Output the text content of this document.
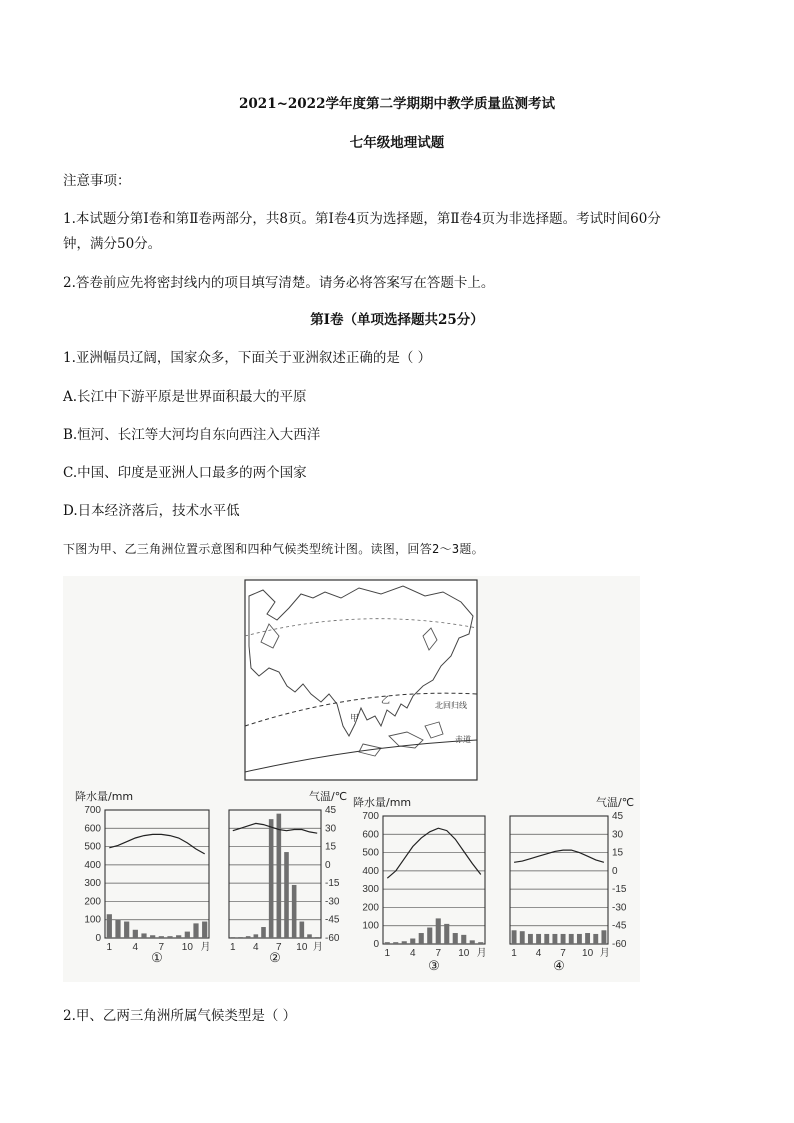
2021~2022学年度第二学期期中教学质量监测考试
七年级地理试题
注意事项：
1.本试题分第Ⅰ卷和第Ⅱ卷两部分，共8页。第Ⅰ卷4页为选择题，第Ⅱ卷4页为非选择题。考试时间60分
钟，满分50分。
2.答卷前应先将密封线内的项目填写清楚。请务必将答案写在答题卡上。
第Ⅰ卷（单项选择题共25分）
1.亚洲幅员辽阔，国家众多，下面关于亚洲叙述正确的是（ ）
A.长江中下游平原是世界面积最大的平原
B.恒河、长江等大河均自东向西注入大西洋
C.中国、印度是亚洲人口最多的两个国家
D.日本经济落后，技术水平低
下图为甲、乙三角洲位置示意图和四种气候类型统计图。读图，回答2～3题。
北回归线
赤道
甲
乙
0
100
200
300
400
500
600
700
降水量/mm
1 4 7 10 月
①
45
30
15
0
-15
-30
-45
-60
气温/℃
1 4 7 10 月
②
0
100
200
300
400
500
600
700
降水量/mm
1 4 7 10 月
③
45
30
15
0
-15
-30
-45
-60
气温/℃
1 4 7 10 月
④
2.甲、乙两三角洲所属气候类型是（ ）
